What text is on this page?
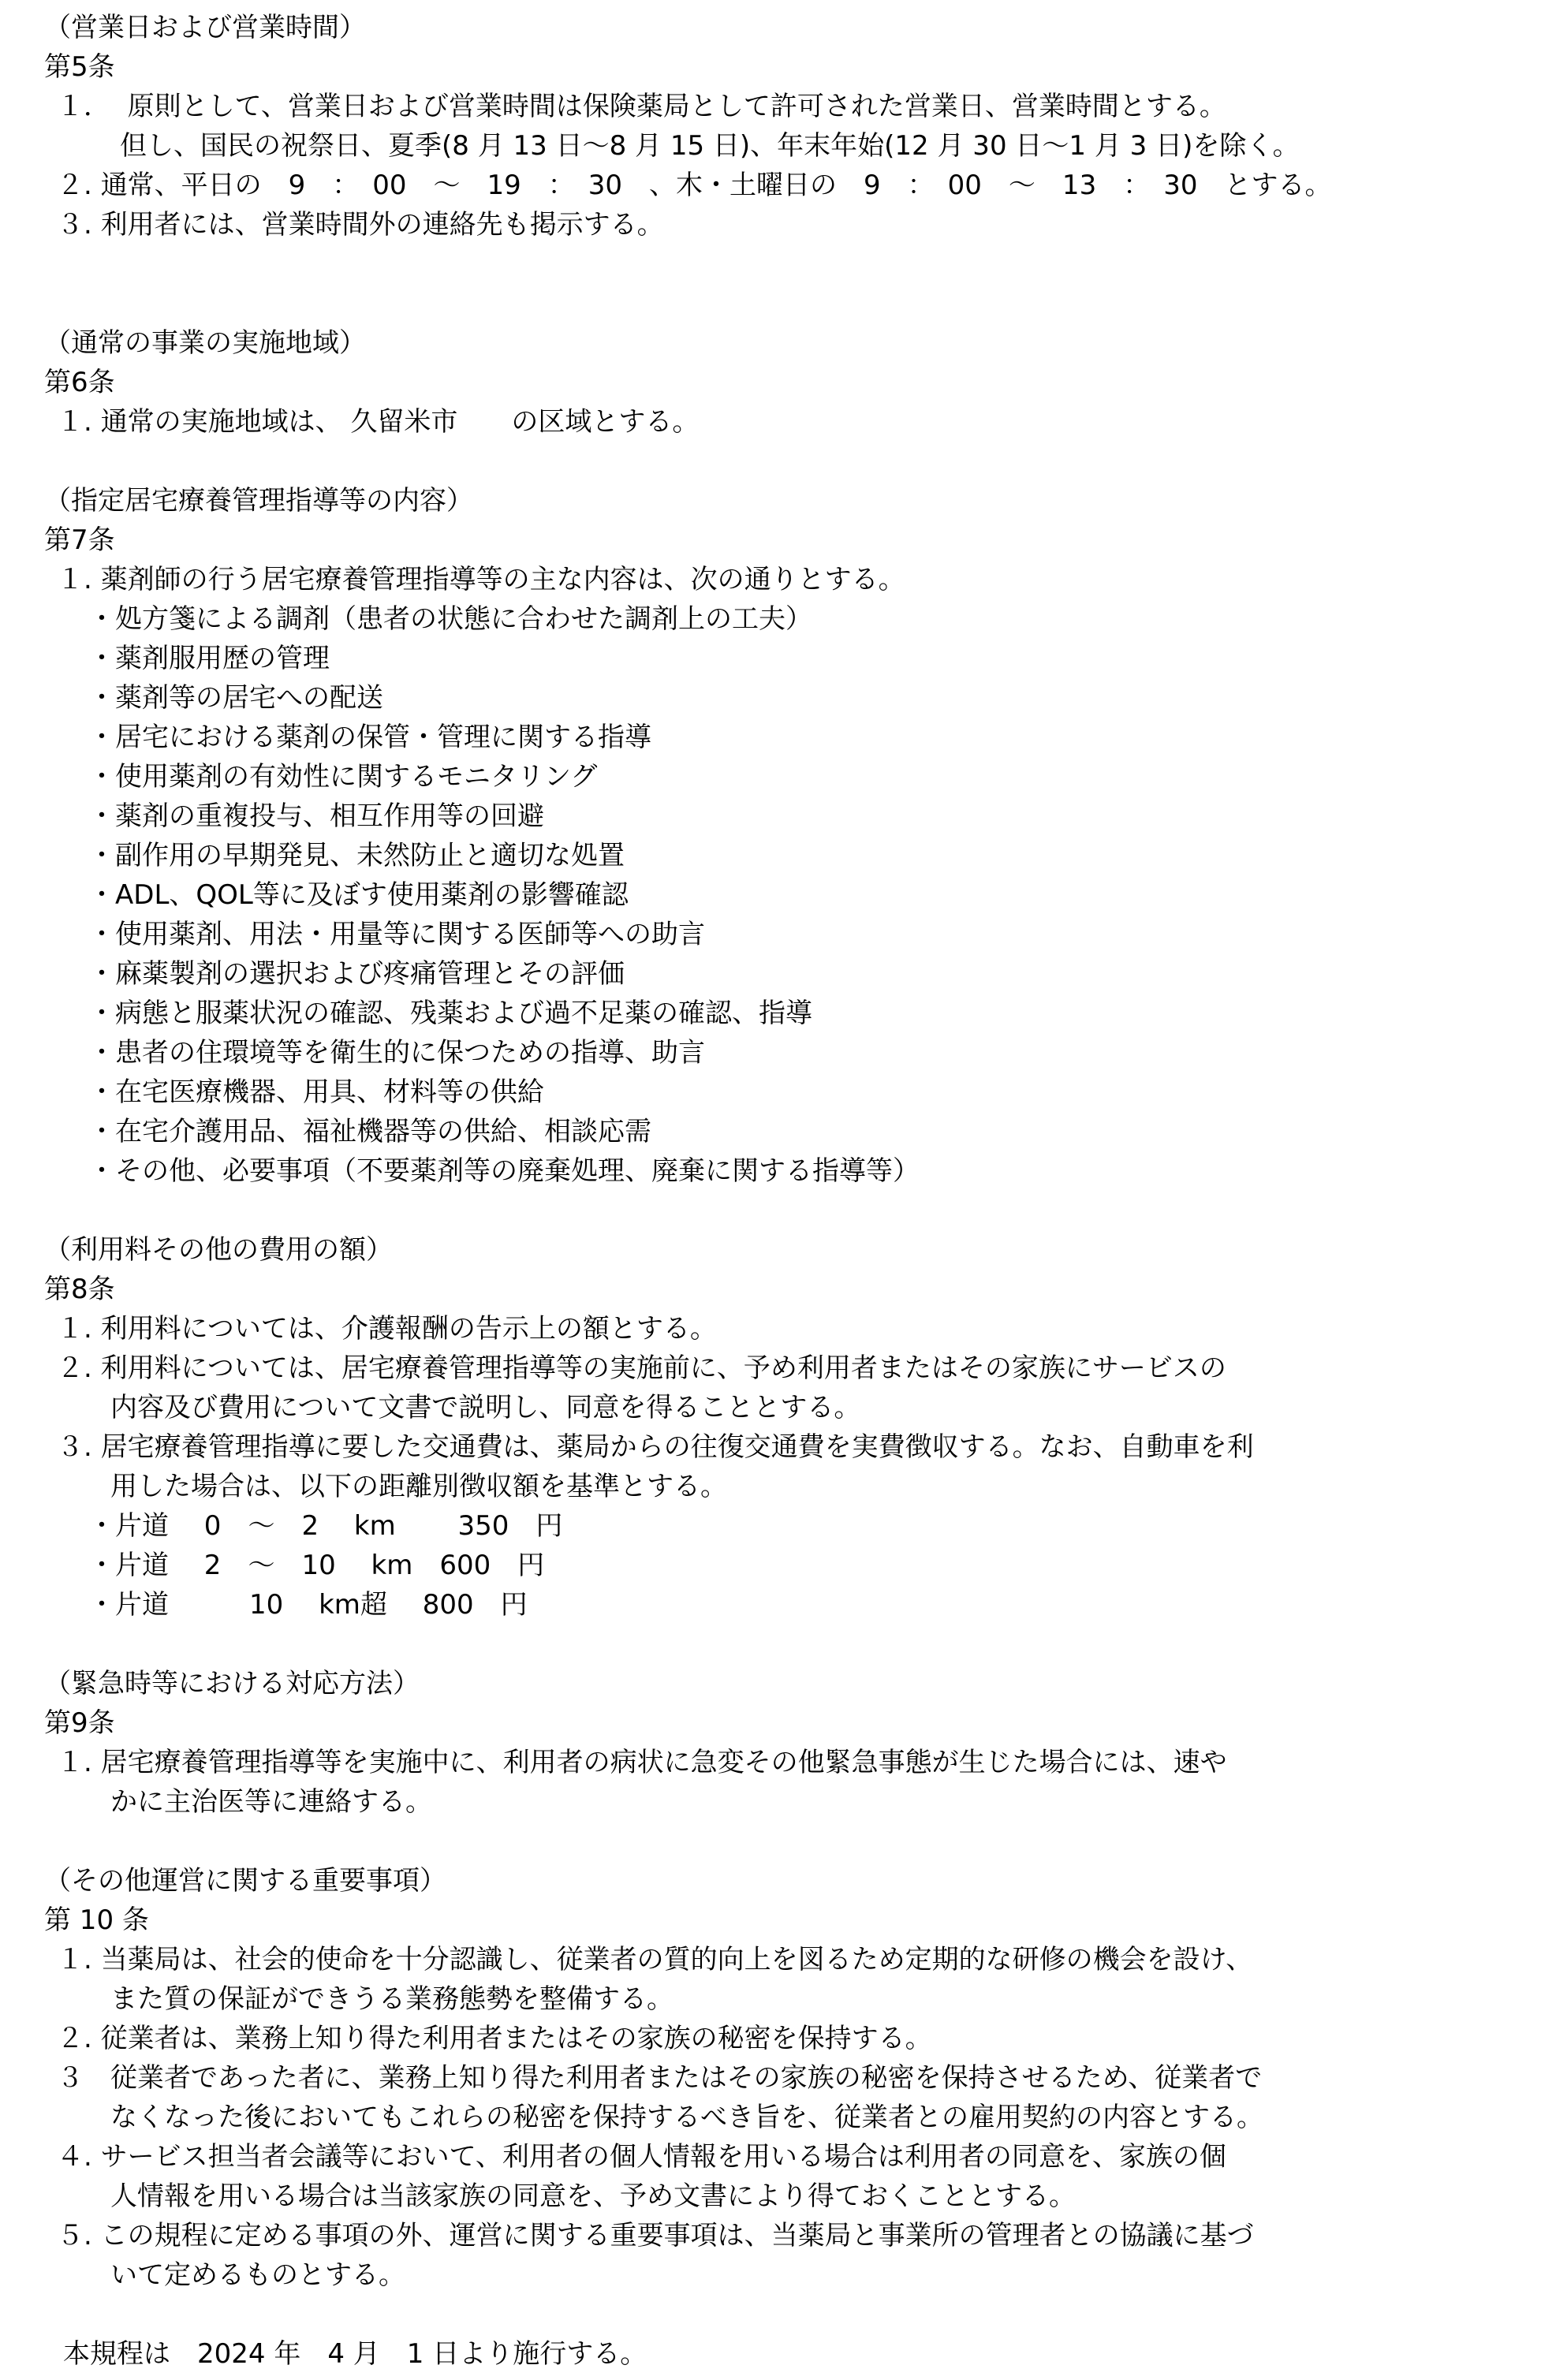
（営業日および営業時間）
第5条
１．  原則として、営業日および営業時間は保険薬局として許可された営業日、営業時間とする。
但し、国民の祝祭日、夏季(8 月 13 日～8 月 15 日)、年末年始(12 月 30 日～1 月 3 日)を除く。
２. 通常、平日の　9　：　00　～　19　：　30　、木・土曜日の　9　：　00　～　13　：　30　とする。
３. 利用者には、営業時間外の連絡先も掲示する。
（通常の事業の実施地域）
第6条
１. 通常の実施地域は、 久留米市　　の区域とする。
（指定居宅療養管理指導等の内容）
第7条
１. 薬剤師の行う居宅療養管理指導等の主な内容は、次の通りとする。
・処方箋による調剤（患者の状態に合わせた調剤上の工夫）
・薬剤服用歴の管理
・薬剤等の居宅への配送
・居宅における薬剤の保管・管理に関する指導
・使用薬剤の有効性に関するモニタリング
・薬剤の重複投与、相互作用等の回避
・副作用の早期発見、未然防止と適切な処置
・ADL、QOL等に及ぼす使用薬剤の影響確認
・使用薬剤、用法・用量等に関する医師等への助言
・麻薬製剤の選択および疼痛管理とその評価
・病態と服薬状況の確認、残薬および過不足薬の確認、指導
・患者の住環境等を衛生的に保つための指導、助言
・在宅医療機器、用具、材料等の供給
・在宅介護用品、福祉機器等の供給、相談応需
・その他、必要事項（不要薬剤等の廃棄処理、廃棄に関する指導等）
（利用料その他の費用の額）
第8条
１. 利用料については、介護報酬の告示上の額とする。
２. 利用料については、居宅療養管理指導等の実施前に、予め利用者またはその家族にサービスの
内容及び費用について文書で説明し、同意を得ることとする。
３. 居宅療養管理指導に要した交通費は、薬局からの往復交通費を実費徴収する。なお、自動車を利
用した場合は、以下の距離別徴収額を基準とする。
・片道　 0　～　2　 km　 　350　円
・片道　 2　～　10　 km　600　円
・片道　　　10　 km超　 800　円
（緊急時等における対応方法）
第9条
１. 居宅療養管理指導等を実施中に、利用者の病状に急変その他緊急事態が生じた場合には、速や
かに主治医等に連絡する。
（その他運営に関する重要事項）
第 10 条
１. 当薬局は、社会的使命を十分認識し、従業者の質的向上を図るため定期的な研修の機会を設け、
また質の保証ができうる業務態勢を整備する。
２. 従業者は、業務上知り得た利用者またはその家族の秘密を保持する。
３　従業者であった者に、業務上知り得た利用者またはその家族の秘密を保持させるため、従業者で
なくなった後においてもこれらの秘密を保持するべき旨を、従業者との雇用契約の内容とする。
４. サービス担当者会議等において、利用者の個人情報を用いる場合は利用者の同意を、家族の個
人情報を用いる場合は当該家族の同意を、予め文書により得ておくこととする。
５. この規程に定める事項の外、運営に関する重要事項は、当薬局と事業所の管理者との協議に基づ
いて定めるものとする。
本規程は　2024 年　4 月　1 日より施行する。
